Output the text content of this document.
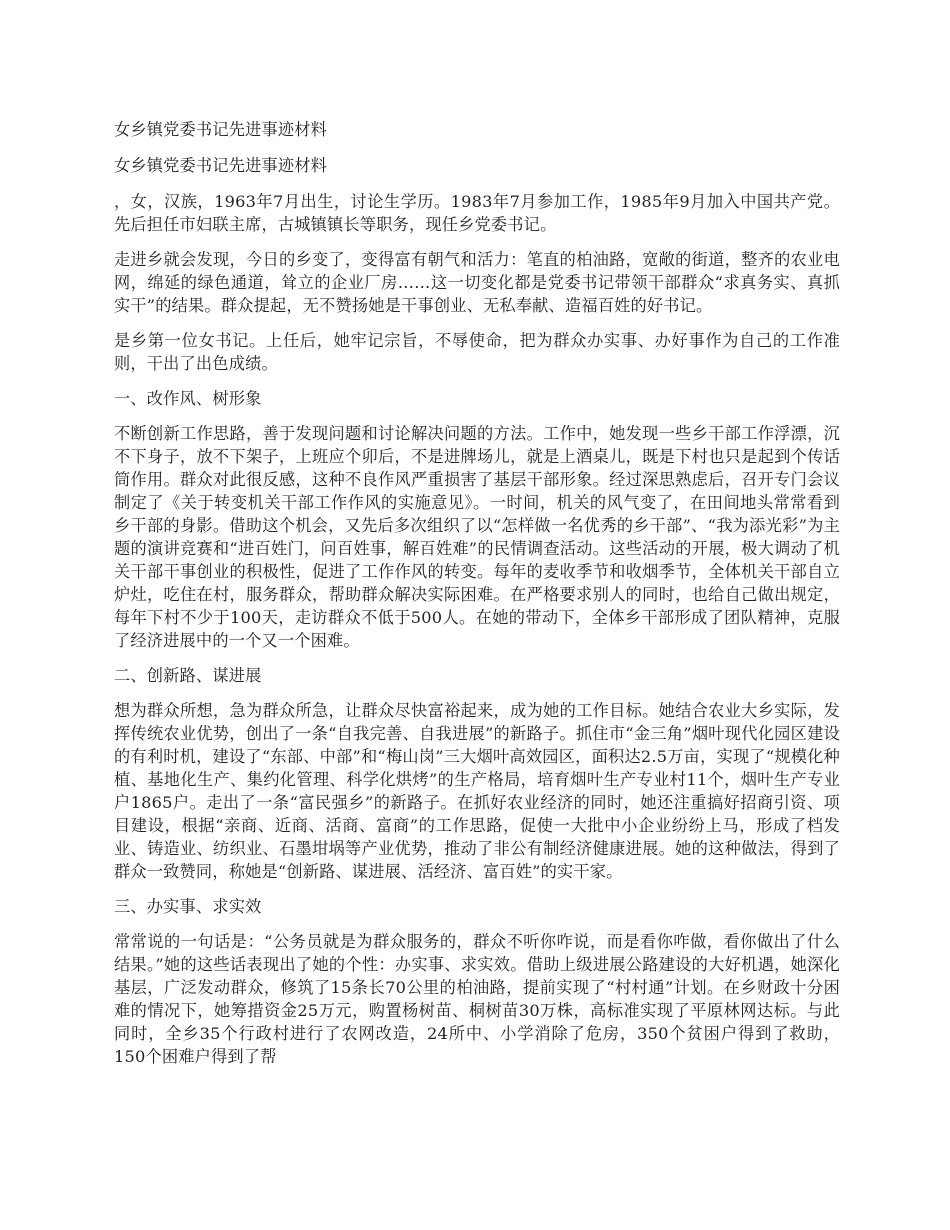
女乡镇党委书记先进事迹材料

女乡镇党委书记先进事迹材料

，女，汉族，1963年7月出生，讨论生学历。1983年7月参加工作，1985年9月加入中国共产党。先后担任市妇联主席，古城镇镇长等职务，现任乡党委书记。

走进乡就会发现，今日的乡变了，变得富有朝气和活力：笔直的柏油路，宽敞的街道，整齐的农业电网，绵延的绿色通道，耸立的企业厂房……这一切变化都是党委书记带领干部群众“求真务实、真抓实干”的结果。群众提起，无不赞扬她是干事创业、无私奉献、造福百姓的好书记。

是乡第一位女书记。上任后，她牢记宗旨，不辱使命，把为群众办实事、办好事作为自己的工作准则，干出了出色成绩。

一、改作风、树形象

不断创新工作思路，善于发现问题和讨论解决问题的方法。工作中，她发现一些乡干部工作浮漂，沉不下身子，放不下架子，上班应个卯后，不是进牌场儿，就是上酒桌儿，既是下村也只是起到个传话筒作用。群众对此很反感，这种不良作风严重损害了基层干部形象。经过深思熟虑后，召开专门会议制定了《关于转变机关干部工作作风的实施意见》。一时间，机关的风气变了，在田间地头常常看到乡干部的身影。借助这个机会，又先后多次组织了以“怎样做一名优秀的乡干部”、“我为添光彩”为主题的演讲竞赛和“进百姓门，问百姓事，解百姓难”的民情调查活动。这些活动的开展，极大调动了机关干部干事创业的积极性，促进了工作作风的转变。每年的麦收季节和收烟季节，全体机关干部自立炉灶，吃住在村，服务群众，帮助群众解决实际困难。在严格要求别人的同时，也给自己做出规定，每年下村不少于100天，走访群众不低于500人。在她的带动下，全体乡干部形成了团队精神，克服了经济进展中的一个又一个困难。

二、创新路、谋进展

想为群众所想，急为群众所急，让群众尽快富裕起来，成为她的工作目标。她结合农业大乡实际，发挥传统农业优势，创出了一条“自我完善、自我进展”的新路子。抓住市“金三角”烟叶现代化园区建设的有利时机，建设了“东部、中部”和“梅山岗”三大烟叶高效园区，面积达2.5万亩，实现了“规模化种植、基地化生产、集约化管理、科学化烘烤”的生产格局，培育烟叶生产专业村11个，烟叶生产专业户1865户。走出了一条“富民强乡”的新路子。在抓好农业经济的同时，她还注重搞好招商引资、项目建设，根据“亲商、近商、活商、富商”的工作思路，促使一大批中小企业纷纷上马，形成了档发业、铸造业、纺织业、石墨坩埚等产业优势，推动了非公有制经济健康进展。她的这种做法，得到了群众一致赞同，称她是“创新路、谋进展、活经济、富百姓”的实干家。

三、办实事、求实效

常常说的一句话是：“公务员就是为群众服务的，群众不听你咋说，而是看你咋做，看你做出了什么结果。”她的这些话表现出了她的个性：办实事、求实效。借助上级进展公路建设的大好机遇，她深化基层，广泛发动群众，修筑了15条长70公里的柏油路，提前实现了“村村通”计划。在乡财政十分困难的情况下，她筹措资金25万元，购置杨树苗、桐树苗30万株，高标准实现了平原林网达标。与此同时，全乡35个行政村进行了农网改造，24所中、小学消除了危房，350个贫困户得到了救助，150个困难户得到了帮
